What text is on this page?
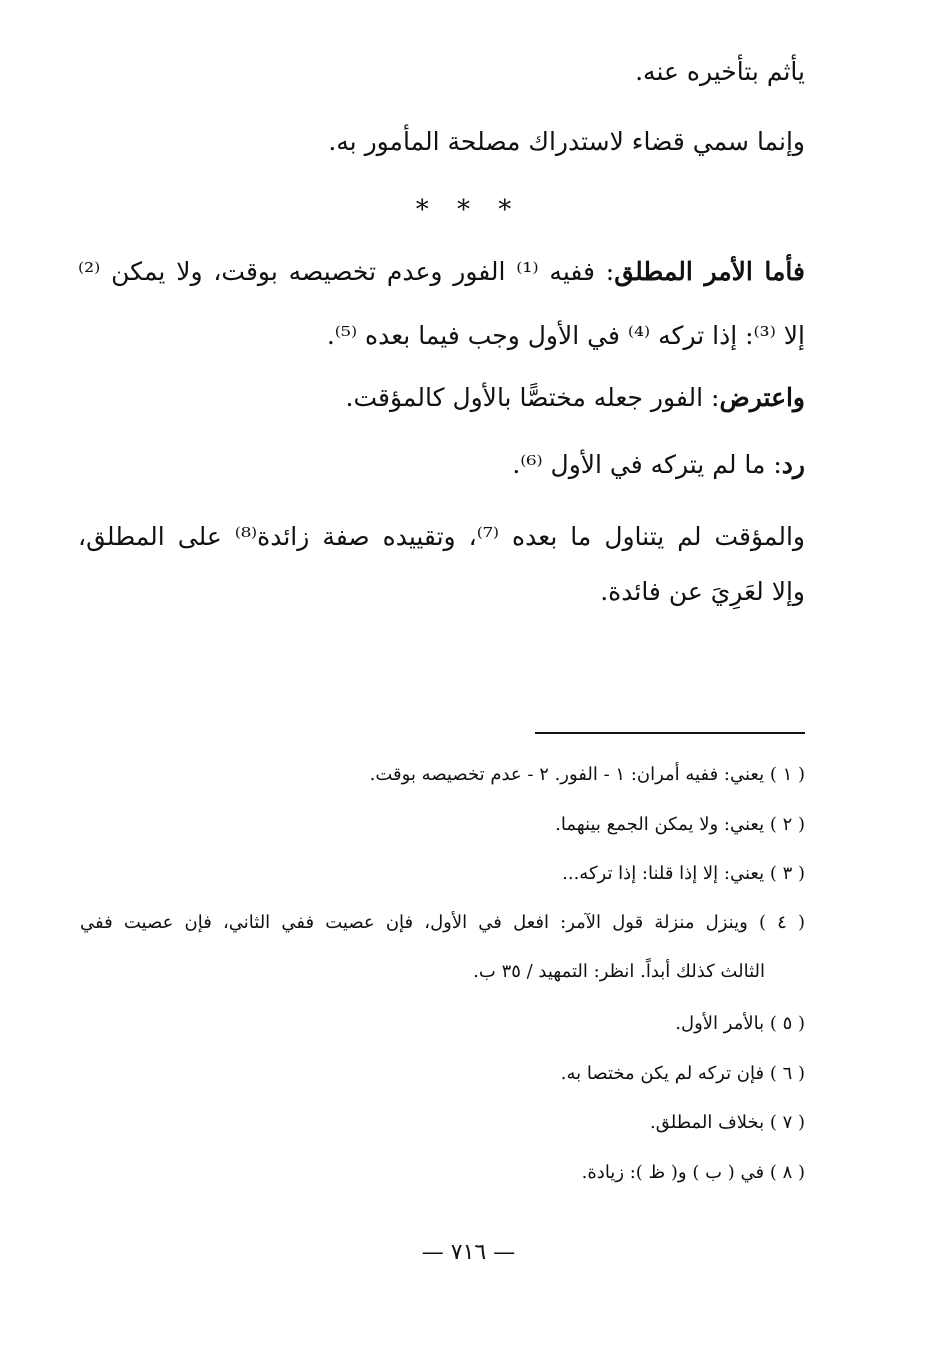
يأثم بتأخيره عنه.
وإنما سمي قضاء لاستدراك مصلحة المأمور به.
* * *
فأما الأمر المطلق: ففيه ⁽¹⁾ الفور وعدم تخصيصه بوقت، ولا يمكن ⁽²⁾
إلا ⁽³⁾: إذا تركه ⁽⁴⁾ في الأول وجب فيما بعده ⁽⁵⁾.
واعترض: الفور جعله مختصًّا بالأول كالمؤقت.
رد: ما لم يتركه في الأول ⁽⁶⁾.
والمؤقت لم يتناول ما بعده ⁽⁷⁾، وتقييده صفة زائدة⁽⁸⁾ على المطلق،
وإلا لعَرِيَ عن فائدة.
( ١ ) يعني: ففيه أمران: ١ - الفور. ٢ - عدم تخصيصه بوقت.
( ٢ ) يعني: ولا يمكن الجمع بينهما.
( ٣ ) يعني: إلا إذا قلنا: إذا تركه...
( ٤ ) وينزل منزلة قول الآمر: افعل في الأول، فإن عصيت ففي الثاني، فإن عصيت ففي
الثالث كذلك أبداً. انظر: التمهيد / ٣٥ ب.
( ٥ ) بالأمر الأول.
( ٦ ) فإن تركه لم يكن مختصا به.
( ٧ ) بخلاف المطلق.
( ٨ ) في ( ب ) و( ظ ): زيادة.
— ٧١٦ —
